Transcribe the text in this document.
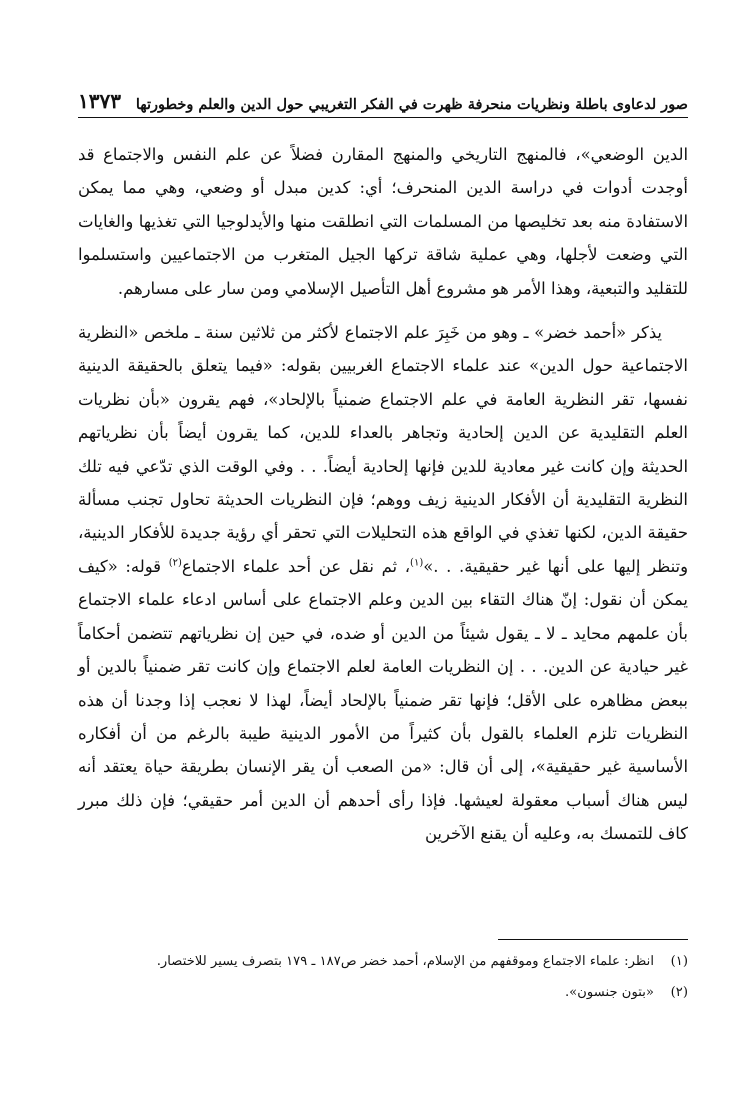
صور لدعاوى باطلة ونظريات منحرفة ظهرت في الفكر التغريبي حول الدين والعلم وخطورتها
١٣٧٣

الدين الوضعي»، فالمنهج التاريخي والمنهج المقارن فضلاً عن علم النفس والاجتماع قد أوجدت أدوات في دراسة الدين المنحرف؛ أي: كدين مبدل أو وضعي، وهي مما يمكن الاستفادة منه بعد تخليصها من المسلمات التي انطلقت منها والأيدلوجيا التي تغذيها والغايات التي وضعت لأجلها، وهي عملية شاقة تركها الجيل المتغرب من الاجتماعيين واستسلموا للتقليد والتبعية، وهذا الأمر هو مشروع أهل التأصيل الإسلامي ومن سار على مسارهم.

يذكر «أحمد خضر» ـ وهو من خَبِرَ علم الاجتماع لأكثر من ثلاثين سنة ـ ملخص «النظرية الاجتماعية حول الدين» عند علماء الاجتماع الغربيين بقوله: «فيما يتعلق بالحقيقة الدينية نفسها، تقر النظرية العامة في علم الاجتماع ضمنياً بالإلحاد»، فهم يقرون «بأن نظريات العلم التقليدية عن الدين إلحادية وتجاهر بالعداء للدين، كما يقرون أيضاً بأن نظرياتهم الحديثة وإن كانت غير معادية للدين فإنها إلحادية أيضاً. . . وفي الوقت الذي تدّعي فيه تلك النظرية التقليدية أن الأفكار الدينية زيف ووهم؛ فإن النظريات الحديثة تحاول تجنب مسألة حقيقة الدين، لكنها تغذي في الواقع هذه التحليلات التي تحقر أي رؤية جديدة للأفكار الدينية، وتنظر إليها على أنها غير حقيقية. . .»$^{(١)}$، ثم نقل عن أحد علماء الاجتماع$^{(٢)}$ قوله: «كيف يمكن أن نقول: إنّ هناك التقاء بين الدين وعلم الاجتماع على أساس ادعاء علماء الاجتماع بأن علمهم محايد ـ لا ـ يقول شيئاً من الدين أو ضده، في حين إن نظرياتهم تتضمن أحكاماً غير حيادية عن الدين. . . إن النظريات العامة لعلم الاجتماع وإن كانت تقر ضمنياً بالدين أو ببعض مظاهره على الأقل؛ فإنها تقر ضمنياً بالإلحاد أيضاً، لهذا لا نعجب إذا وجدنا أن هذه النظريات تلزم العلماء بالقول بأن كثيراً من الأمور الدينية طيبة بالرغم من أن أفكاره الأساسية غير حقيقية»، إلى أن قال: «من الصعب أن يقر الإنسان بطريقة حياة يعتقد أنه ليس هناك أسباب معقولة لعيشها. فإذا رأى أحدهم أن الدين أمر حقيقي؛ فإن ذلك مبرر كاف للتمسك به، وعليه أن يقنع الآخرين

(١)
انظر: علماء الاجتماع وموقفهم من الإسلام، أحمد خضر ص١٨٧ ـ ١٧٩ بتصرف يسير للاختصار.
(٢)
«بتون جنسون».
